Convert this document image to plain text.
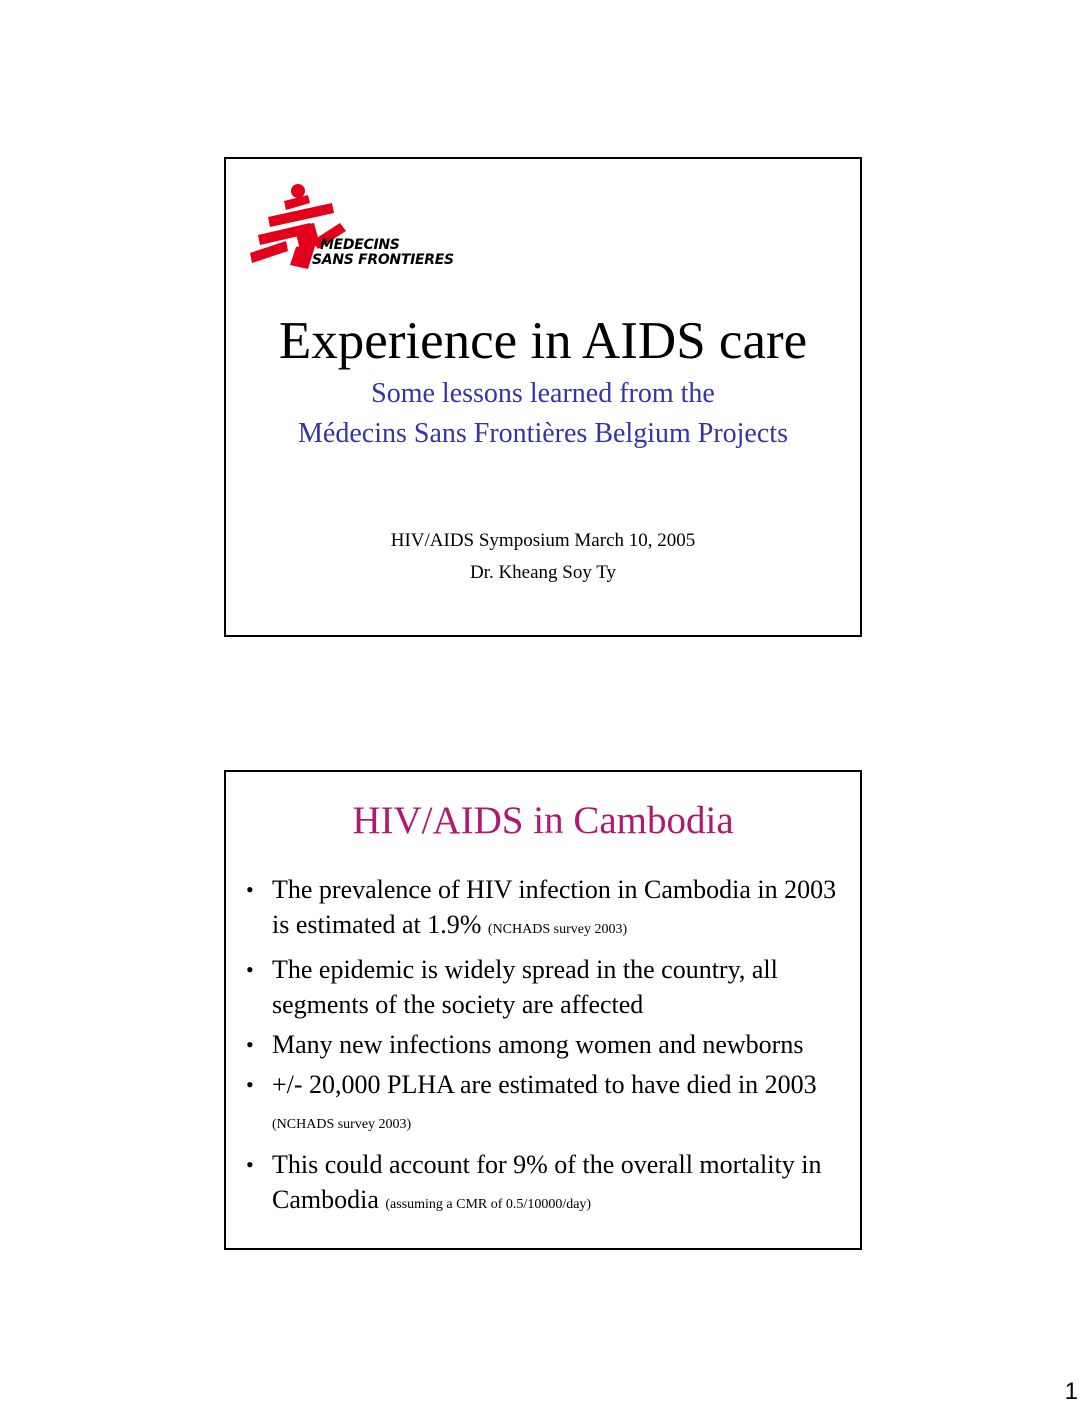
MEDECINS
SANS FRONTIERES
Experience in AIDS care
Some lessons learned from the
Médecins Sans Frontières Belgium Projects
HIV/AIDS Symposium March 10, 2005
Dr. Kheang Soy Ty
HIV/AIDS in Cambodia
• The prevalence of HIV infection in Cambodia in 2003 is estimated at 1.9% (NCHADS survey 2003)
• The epidemic is widely spread in the country, all segments of the society are affected
• Many new infections among women and newborns
• +/- 20,000 PLHA are estimated to have died in 2003 (NCHADS survey 2003)
• This could account for 9% of the overall mortality in Cambodia (assuming a CMR of 0.5/10000/day)
1
